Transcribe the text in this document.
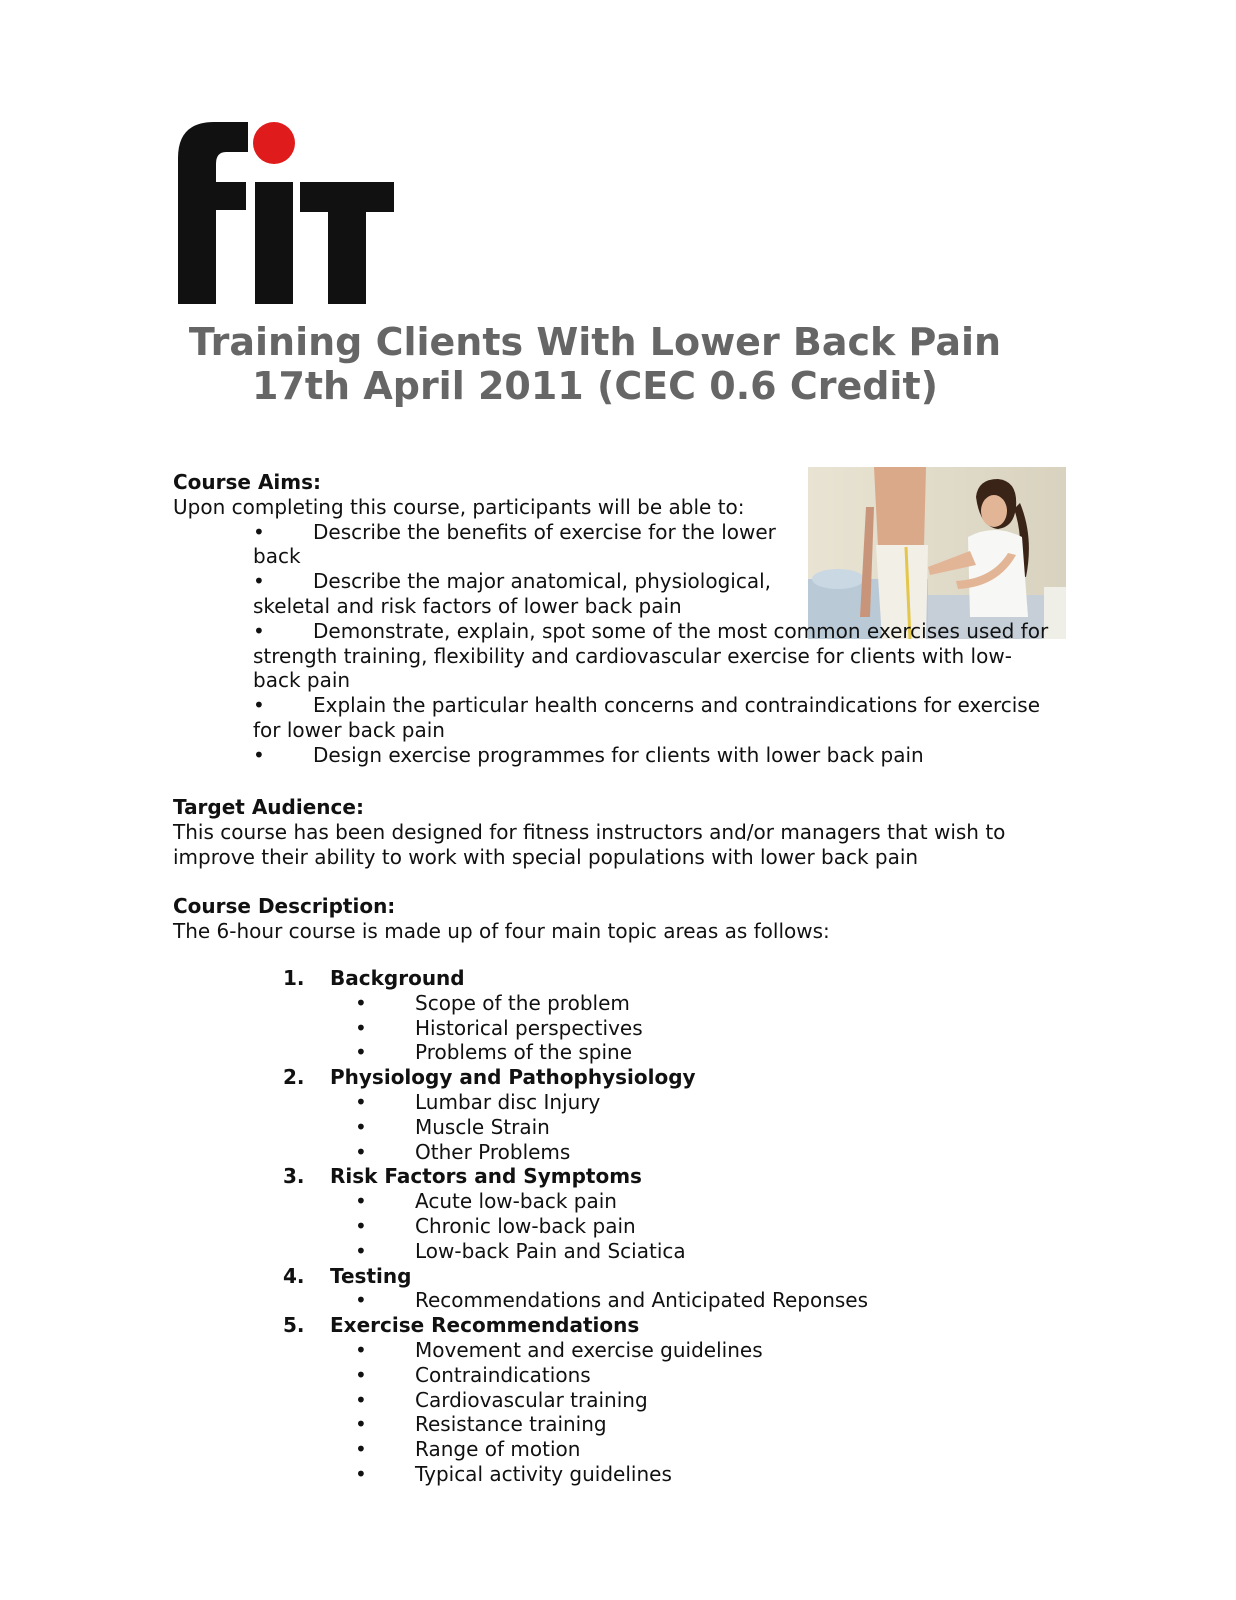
Training Clients With Lower Back Pain
17th April 2011 (CEC 0.6 Credit)
Course Aims:
Upon completing this course, participants will be able to:
• Describe the benefits of exercise for the lower back
• Describe the major anatomical, physiological, skeletal and risk factors of lower back pain
• Demonstrate, explain, spot some of the most common exercises used for strength training, flexibility and cardiovascular exercise for clients with low-back pain
• Explain the particular health concerns and contraindications for exercise for lower back pain
• Design exercise programmes for clients with lower back pain
Target Audience:
This course has been designed for fitness instructors and/or managers that wish to improve their ability to work with special populations with lower back pain
Course Description:
The 6-hour course is made up of four main topic areas as follows:
1. Background
• Scope of the problem
• Historical perspectives
• Problems of the spine
2. Physiology and Pathophysiology
• Lumbar disc Injury
• Muscle Strain
• Other Problems
3. Risk Factors and Symptoms
• Acute low-back pain
• Chronic low-back pain
• Low-back Pain and Sciatica
4. Testing
• Recommendations and Anticipated Reponses
5. Exercise Recommendations
• Movement and exercise guidelines
• Contraindications
• Cardiovascular training
• Resistance training
• Range of motion
• Typical activity guidelines
